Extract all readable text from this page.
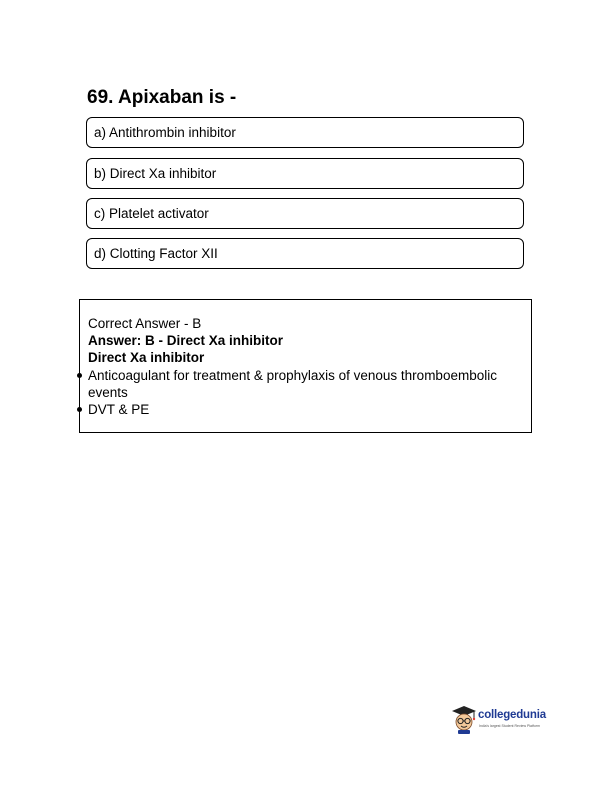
69. Apixaban is -
a) Antithrombin inhibitor
b) Direct Xa inhibitor
c) Platelet activator
d) Clotting Factor XII
Correct Answer - B
Answer: B - Direct Xa inhibitor
Direct Xa inhibitor
Anticoagulant for treatment & prophylaxis of venous thromboembolic
events
DVT & PE
collegedunia
India's largest Student Review Platform
